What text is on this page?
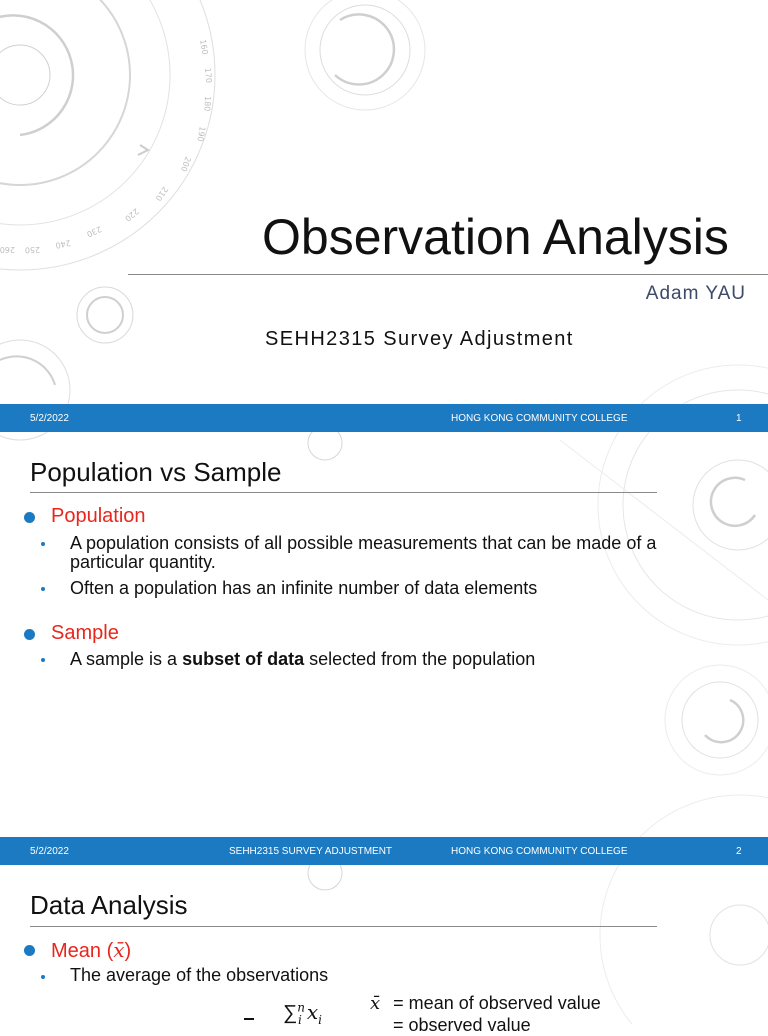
160
170
180
190
200
210
220
230
240
250
260	Observation Analysis
Adam YAU
SEHH2315 Survey Adjustment
5/2/2022	HONG KONG COMMUNITY COLLEGE	1
Population vs Sample
Population
A population consists of all possible measurements that can be made of a particular quantity.
Often a population has an infinite number of data elements
Sample
A sample is a subset of data selected from the population
5/2/2022	SEHH2315 SURVEY ADJUSTMENT	HONG KONG COMMUNITY COLLEGE	2
Data Analysis
Mean (x̄)
The average of the observations
∑$^n_i$ $x_i$
x̄ = mean of observed value
= observed value
